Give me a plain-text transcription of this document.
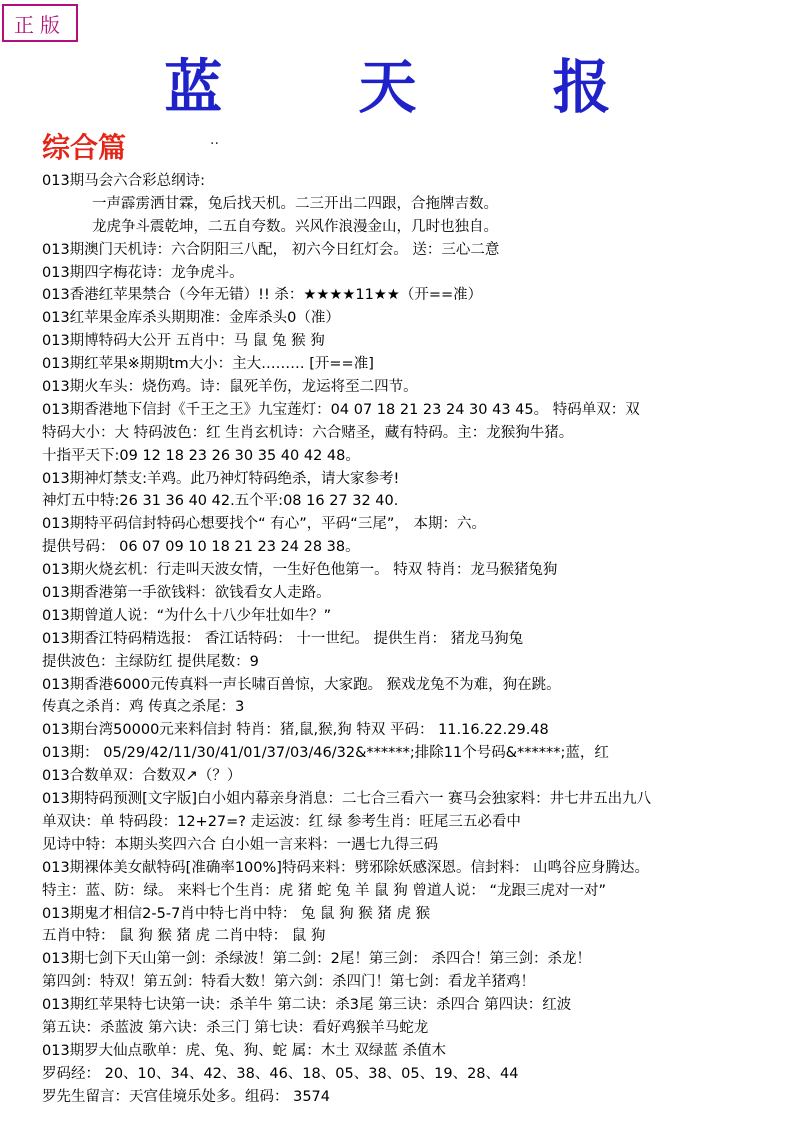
正版
蓝 天 报
综合篇	..
013期马会六合彩总纲诗:
一声霹雳洒甘霖，兔后找天机。二三开出二四跟，合拖牌吉数。
龙虎争斗震乾坤，二五自夸数。兴风作浪漫金山，几时也独自。
013期澳门天机诗：六合阴阳三八配， 初六今日红灯会。 送：三心二意
013期四字梅花诗：龙争虎斗。
013香港红苹果禁合（今年无错）!! 杀：★★★★11★★（开==准）
013红苹果金库杀头期期准：金库杀头0（准）
013期博特码大公开 五肖中：马 鼠 兔 猴 狗
013期红苹果※期期tm大小：主大……… [开==准]
013期火车头：烧伤鸡。诗：鼠死羊伤，龙运将至二四节。
013期香港地下信封《千王之王》九宝莲灯：04 07 18 21 23 24 30 43 45。 特码单双：双
特码大小：大 特码波色：红 生肖玄机诗：六合赌圣，藏有特码。主：龙猴狗牛猪。
十指平天下:09 12 18 23 26 30 35 40 42 48。
013期神灯禁支:羊鸡。此乃神灯特码绝杀，请大家参考!
神灯五中特:26 31 36 40 42.五个平:08 16 27 32 40.
013期特平码信封特码心想要找个“ 有心”，平码“三尾”， 本期：六。
提供号码： 06 07 09 10 18 21 23 24 28 38。
013期火烧玄机：行走叫天波女情，一生好色他第一。 特双 特肖：龙马猴猪兔狗
013期香港第一手欲钱料：欲钱看女人走路。
013期曾道人说：“为什么十八少年壮如牛？”
013期香江特码精选报： 香江话特码： 十一世纪。 提供生肖： 猪龙马狗兔
提供波色：主绿防红 提供尾数：9
013期香港6000元传真料一声长啸百兽惊，大家跑。 猴戏龙兔不为难，狗在跳。
传真之杀肖：鸡 传真之杀尾：3
013期台湾50000元来料信封 特肖：猪,鼠,猴,狗 特双 平码： 11.16.22.29.48
013期： 05/29/42/11/30/41/01/37/03/46/32&******;排除11个号码&******;蓝，红
013合数单双：合数双↗（？）
013期特码预测[文字版]白小姐内幕亲身消息：二七合三看六一 赛马会独家料：井七井五出九八
单双诀：单 特码段：12+27=? 走运波：红 绿 参考生肖：旺尾三五必看中
见诗中特：本期头奖四六合 白小姐一言来料：一遇七九得三码
013期裸体美女献特码[准确率100%]特码来料：劈邪除妖感深恩。信封料： 山鸣谷应身腾达。
特主：蓝、防：绿。 来料七个生肖：虎 猪 蛇 兔 羊 鼠 狗 曾道人说： “龙跟三虎对一对”
013期鬼才相信2-5-7肖中特七肖中特： 兔 鼠 狗 猴 猪 虎 猴
五肖中特： 鼠 狗 猴 猪 虎 二肖中特： 鼠 狗
013期七剑下天山第一剑：杀绿波！第二剑：2尾！第三剑： 杀四合！第三剑：杀龙！
第四剑：特双！第五剑：特看大数！第六剑：杀四门！第七剑：看龙羊猪鸡！
013期红苹果特七诀第一诀：杀羊牛 第二诀：杀3尾 第三诀：杀四合 第四诀：红波
第五诀：杀蓝波 第六诀：杀三门 第七诀：看好鸡猴羊马蛇龙
013期罗大仙点歌单：虎、兔、狗、蛇 属：木土 双绿蓝 杀值木
罗码经： 20、10、34、42、38、46、18、05、38、05、19、28、44
罗先生留言：天宫佳境乐处多。组码： 3574
